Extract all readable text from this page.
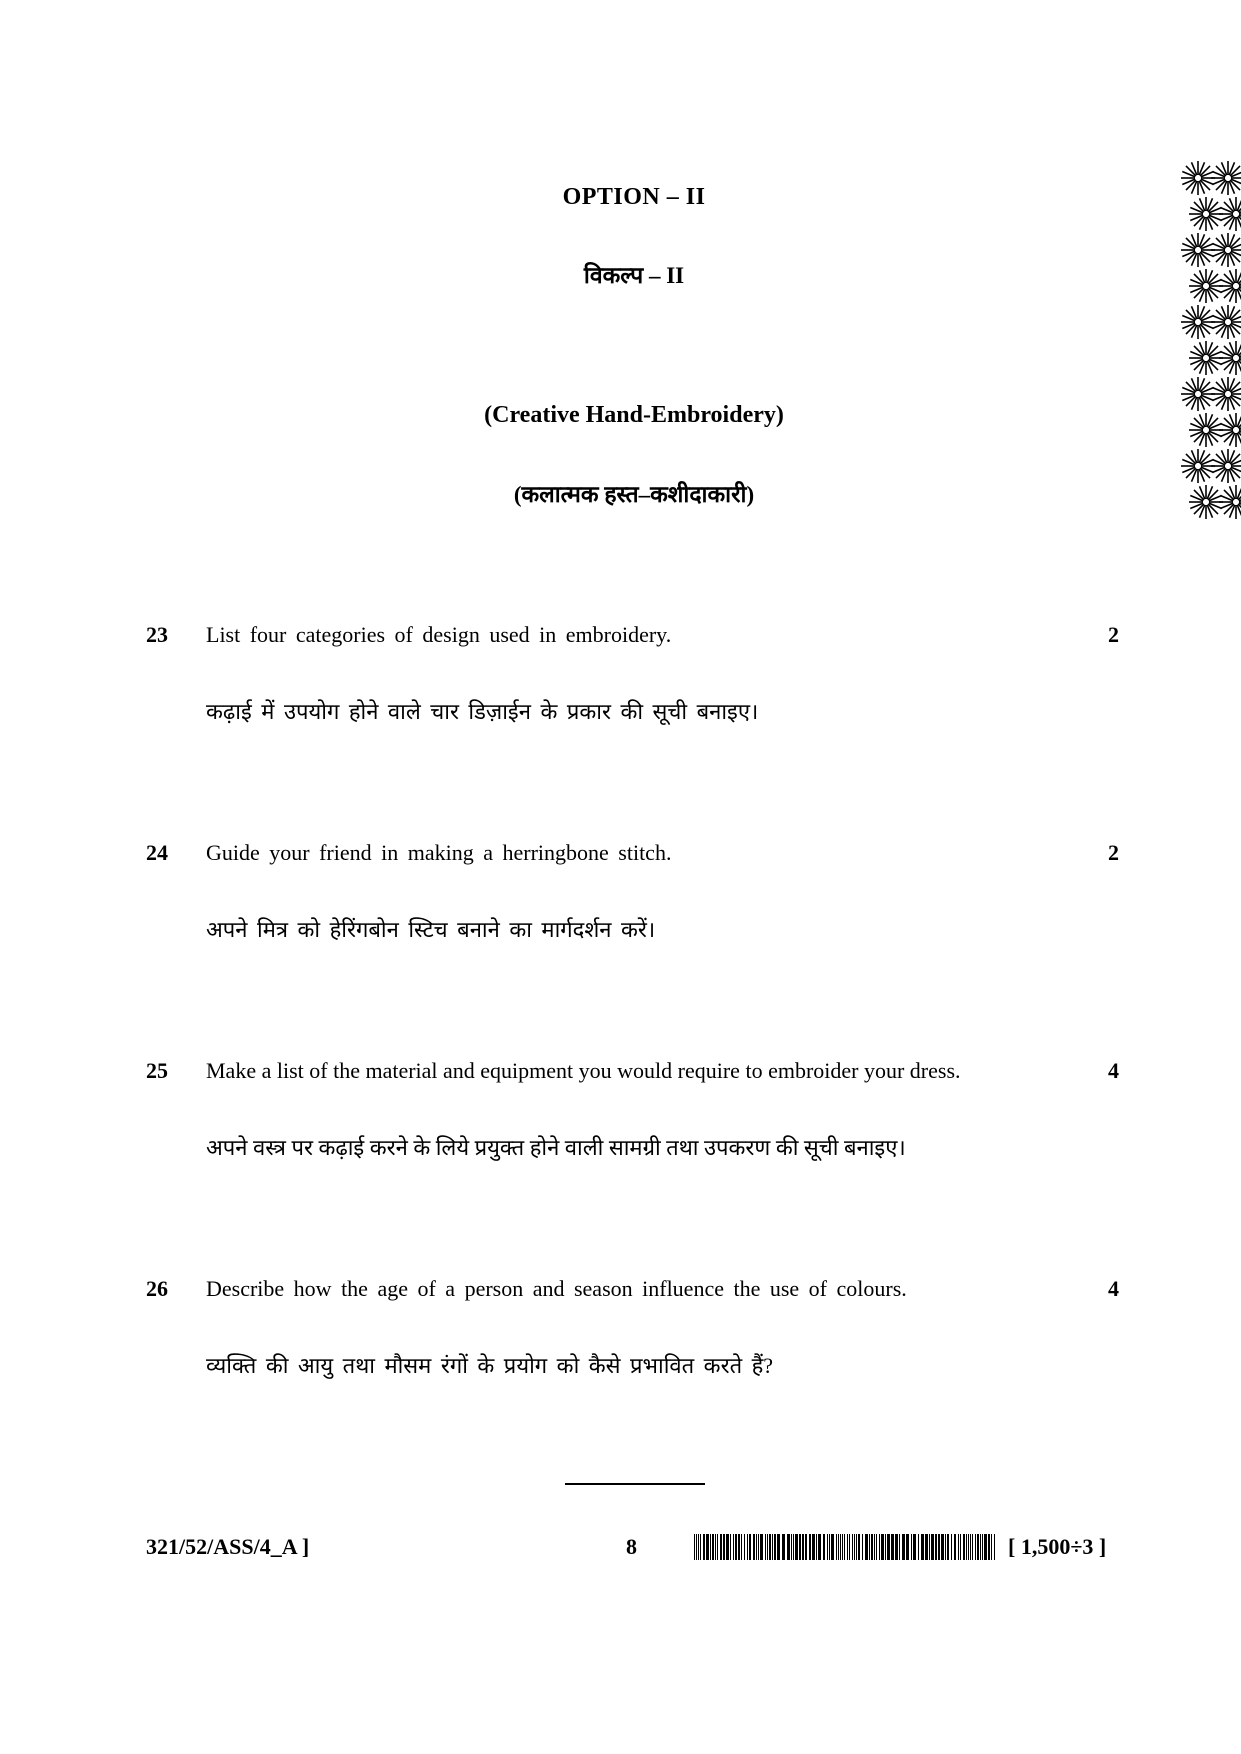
OPTION – II
विकल्प – II
(Creative Hand-Embroidery)
(कलात्मक हस्त–कशीदाकारी)
23 List four categories of design used in embroidery.	2
कढ़ाई में उपयोग होने वाले चार डिज़ाईन के प्रकार की सूची बनाइए।
24 Guide your friend in making a herringbone stitch.	2
अपने मित्र को हेरिंगबोन स्टिच बनाने का मार्गदर्शन करें।
25 Make a list of the material and equipment you would require to embroider your dress.	4
अपने वस्त्र पर कढ़ाई करने के लिये प्रयुक्त होने वाली सामग्री तथा उपकरण की सूची बनाइए।
26 Describe how the age of a person and season influence the use of colours.	4
व्यक्ति की आयु तथा मौसम रंगों के प्रयोग को कैसे प्रभावित करते हैं?
321/52/ASS/4_A ]	8	[ 1,500÷3 ]
